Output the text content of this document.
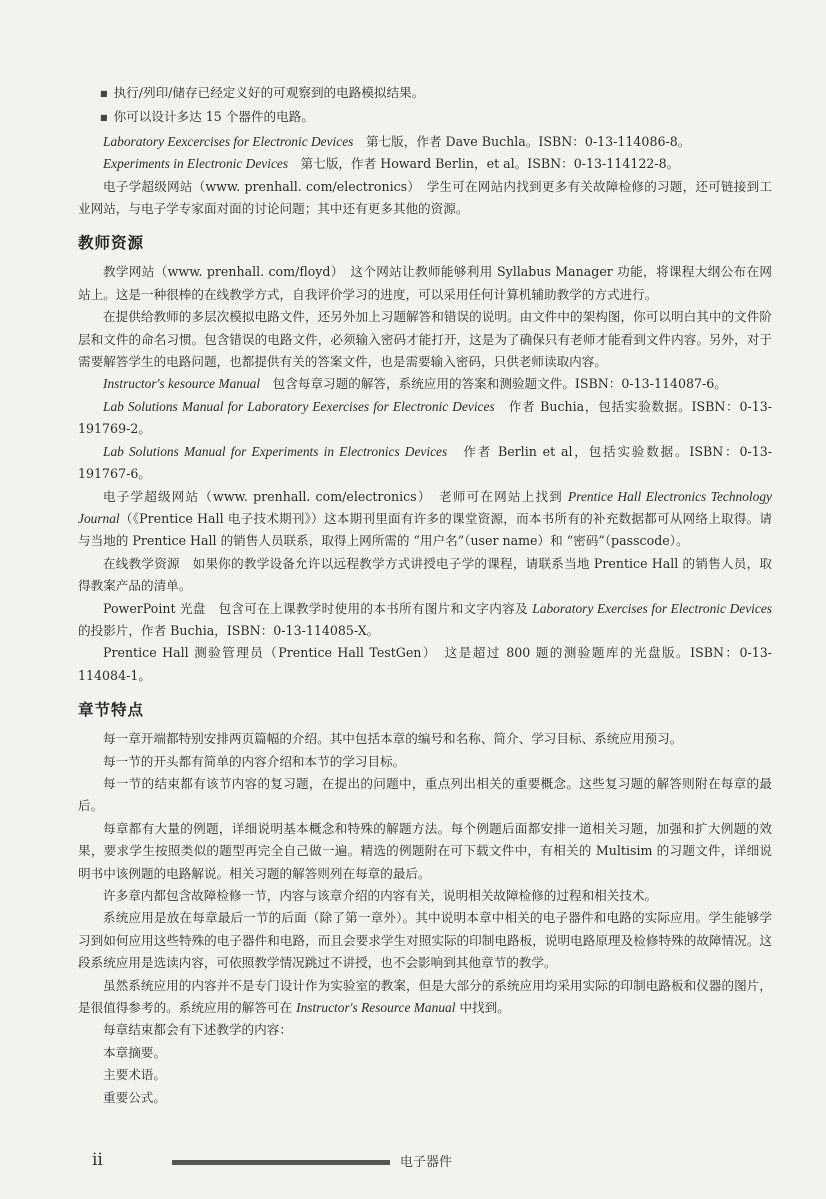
■ 执行/列印/储存已经定义好的可观察到的电路模拟结果。

■ 你可以设计多达 15 个器件的电路。

Laboratory Eexcercises for Electronic Devices　第七版，作者 Dave Buchla。ISBN：0-13-114086-8。

Experiments in Electronic Devices　第七版，作者 Howard Berlin，et al。ISBN：0-13-114122-8。

电子学超级网站（www. prenhall. com/electronics）　学生可在网站内找到更多有关故障检修的习题，还可链接到工业网站，与电子学专家面对面的讨论问题；其中还有更多其他的资源。

教师资源

教学网站（www. prenhall. com/floyd）　这个网站让教师能够利用 Syllabus Manager 功能，将课程大纲公布在网站上。这是一种很棒的在线教学方式，自我评价学习的进度，可以采用任何计算机辅助教学的方式进行。

在提供给教师的多层次模拟电路文件，还另外加上习题解答和错误的说明。由文件中的架构图，你可以明白其中的文件阶层和文件的命名习惯。包含错误的电路文件，必须输入密码才能打开，这是为了确保只有老师才能看到文件内容。另外，对于需要解答学生的电路问题，也都提供有关的答案文件，也是需要输入密码，只供老师读取内容。

Instructor's kesource Manual　包含每章习题的解答，系统应用的答案和测验题文件。ISBN：0-13-114087-6。

Lab Solutions Manual for Laboratory Eexercises for Electronic Devices　作者 Buchia，包括实验数据。ISBN：0-13-191769-2。

Lab Solutions Manual for Experiments in Electronics Devices　作者 Berlin et al，包括实验数据。ISBN：0-13-191767-6。

电子学超级网站（www. prenhall. com/electronics）　老师可在网站上找到 Prentice Hall Electronics Technology Journal（《Prentice Hall 电子技术期刊》）这本期刊里面有许多的课堂资源，而本书所有的补充数据都可从网络上取得。请与当地的 Prentice Hall 的销售人员联系，取得上网所需的 “用户名”（user name）和 “密码”（passcode）。

在线教学资源　如果你的教学设备允许以远程教学方式讲授电子学的课程，请联系当地 Prentice Hall 的销售人员，取得教案产品的清单。

PowerPoint 光盘　包含可在上课教学时使用的本书所有图片和文字内容及 Laboratory Exercises for Electronic Devices 的投影片，作者 Buchia，ISBN：0-13-114085-X。

Prentice Hall 测验管理员（Prentice Hall TestGen）　这是超过 800 题的测验题库的光盘版。ISBN：0-13-114084-1。

章节特点

每一章开端都特别安排两页篇幅的介绍。其中包括本章的编号和名称、简介、学习目标、系统应用预习。

每一节的开头都有简单的内容介绍和本节的学习目标。

每一节的结束都有该节内容的复习题，在提出的问题中，重点列出相关的重要概念。这些复习题的解答则附在每章的最后。

每章都有大量的例题，详细说明基本概念和特殊的解题方法。每个例题后面都安排一道相关习题，加强和扩大例题的效果，要求学生按照类似的题型再完全自己做一遍。精选的例题附在可下载文件中，有相关的 Multisim 的习题文件，详细说明书中该例题的电路解说。相关习题的解答则列在每章的最后。

许多章内都包含故障检修一节，内容与该章介绍的内容有关，说明相关故障检修的过程和相关技术。

系统应用是放在每章最后一节的后面（除了第一章外）。其中说明本章中相关的电子器件和电路的实际应用。学生能够学习到如何应用这些特殊的电子器件和电路，而且会要求学生对照实际的印制电路板，说明电路原理及检修特殊的故障情况。这段系统应用是选读内容，可依照教学情况跳过不讲授，也不会影响到其他章节的教学。

虽然系统应用的内容并不是专门设计作为实验室的教案，但是大部分的系统应用均采用实际的印制电路板和仪器的图片，是很值得参考的。系统应用的解答可在 Instructor's Resource Manual 中找到。

每章结束都会有下述教学的内容：

本章摘要。

主要术语。

重要公式。

ii	电子器件
